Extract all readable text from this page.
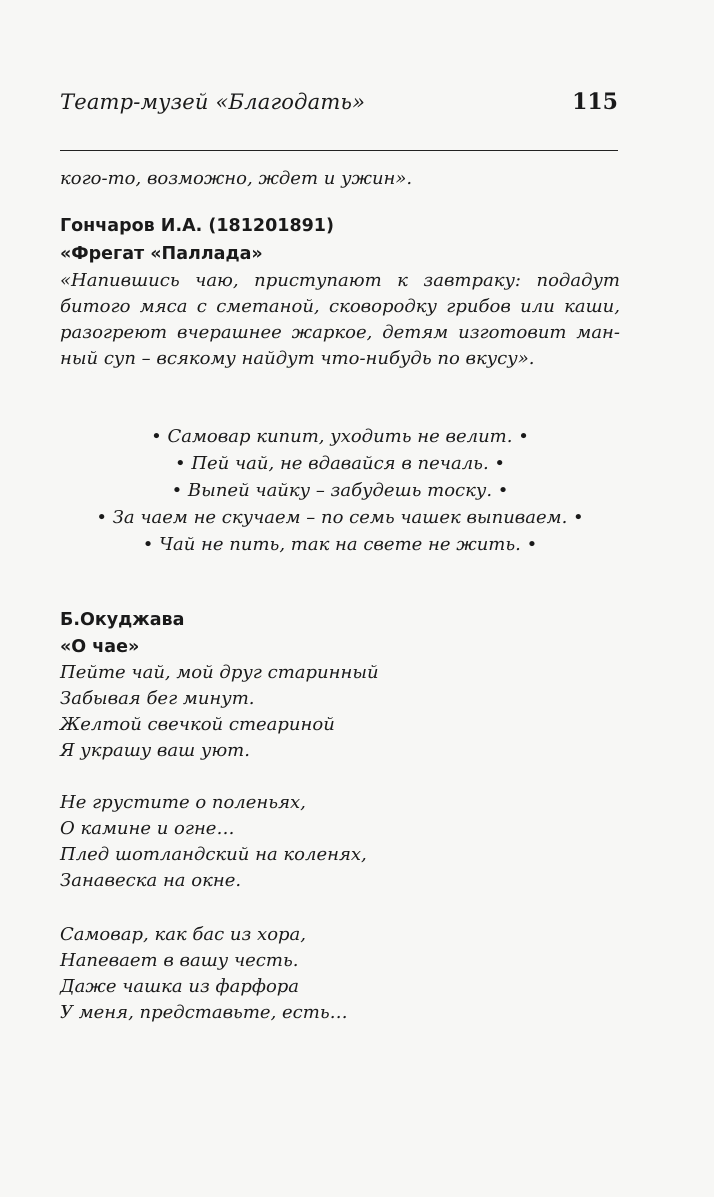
Театр-музей «Благодать»	115
кого-то, возможно, ждет и ужин».
Гончаров И.А. (181201891)
«Фрегат «Паллада»
«Напившись чаю, приступают к завтраку: подадут
битого мяса с сметаной, сковородку грибов или каши,
разогреют вчерашнее жаркое, детям изготовит ман-
ный суп – всякому найдут что-нибудь по вкусу».
• Самовар кипит, уходить не велит. •
• Пей чай, не вдавайся в печаль. •
• Выпей чайку – забудешь тоску. •
• За чаем не скучаем – по семь чашек выпиваем. •
• Чай не пить, так на свете не жить. •
Б.Окуджава
«О чае»
Пейте чай, мой друг старинный
Забывая бег минут.
Желтой свечкой стеариной
Я украшу ваш уют.
Не грустите о поленьях,
О камине и огне…
Плед шотландский на коленях,
Занавеска на окне.
Самовар, как бас из хора,
Напевает в вашу честь.
Даже чашка из фарфора
У меня, представьте, есть…
